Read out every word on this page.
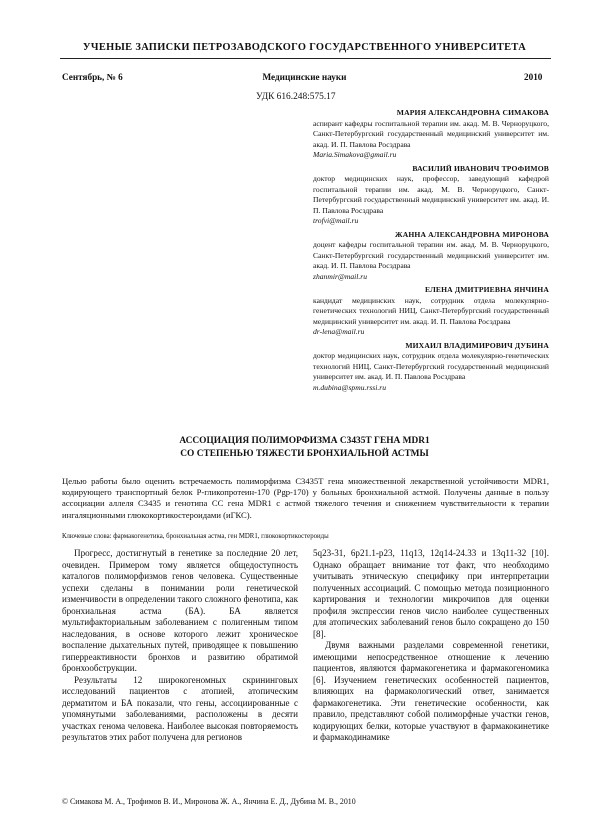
УЧЕНЫЕ ЗАПИСКИ ПЕТРОЗАВОДСКОГО ГОСУДАРСТВЕННОГО УНИВЕРСИТЕТА
Сентябрь, № 6	Медицинские науки	2010
УДК 616.248:575.17
МАРИЯ АЛЕКСАНДРОВНА СИМАКОВА
аспирант кафедры госпитальной терапии им. акад. М. В. Черноруцкого, Санкт-Петербургский государственный медицинский университет им. акад. И. П. Павлова Росздрава
Maria.Simakova@gmail.ru
ВАСИЛИЙ ИВАНОВИЧ ТРОФИМОВ
доктор медицинских наук, профессор, заведующий кафедрой госпитальной терапии им. акад. М. В. Черноруцкого, Санкт-Петербургский государственный медицинский университет им. акад. И. П. Павлова Росздрава
trofvi@mail.ru
ЖАННА АЛЕКСАНДРОВНА МИРОНОВА
доцент кафедры госпитальной терапии им. акад. М. В. Черноруцкого, Санкт-Петербургский государственный медицинский университет им. акад. И. П. Павлова Росздрава
zhanmir@mail.ru
ЕЛЕНА ДМИТРИЕВНА ЯНЧИНА
кандидат медицинских наук, сотрудник отдела молекулярно-генетических технологий НИЦ, Санкт-Петербургский государственный медицинский университет им. акад. И. П. Павлова Росздрава
dr-lena@mail.ru
МИХАИЛ ВЛАДИМИРОВИЧ ДУБИНА
доктор медицинских наук, сотрудник отдела молекулярно-генетических технологий НИЦ, Санкт-Петербургский государственный медицинский университет им. акад. И. П. Павлова Росздрава
m.dubina@spmu.rssi.ru
АССОЦИАЦИЯ ПОЛИМОРФИЗМА С3435Т ГЕНА MDR1
СО СТЕПЕНЬЮ ТЯЖЕСТИ БРОНХИАЛЬНОЙ АСТМЫ
Целью работы было оценить встречаемость полиморфизма С3435Т гена множественной лекарственной устойчивости MDR1, кодирующего транспортный белок Р-гликопротеин-170 (Pgp-170) у больных бронхиальной астмой. Получены данные в пользу ассоциации аллеля C3435 и генотипа СС гена MDR1 с астмой тяжелого течения и снижением чувствительности к терапии ингаляционными глюкокортикостероидами (иГКС).
Ключевые слова: фармакогенетика, бронхиальная астма, ген MDR1, глюкокортикостероиды

Прогресс, достигнутый в генетике за последние 20 лет, очевиден. Примером тому является общедоступность каталогов полиморфизмов генов человека. Существенные успехи сделаны в понимании роли генетической изменчивости в определении такого сложного фенотипа, как бронхиальная астма (БА). БА является мультифакториальным заболеванием с полигенным типом наследования, в основе которого лежит хроническое воспаление дыхательных путей, приводящее к повышению гиперреактивности бронхов и развитию обратимой бронхообструкции.

Результаты 12 широкогеномных скрининговых исследований пациентов с атопией, атопическим дерматитом и БА показали, что гены, ассоциированные с упомянутыми заболеваниями, расположены в десяти участках генома человека. Наиболее высокая повторяемость результатов этих работ получена для регионов

5q23-31, 6p21.1-p23, 11q13, 12q14-24.33 и 13q11-32 [10]. Однако обращает внимание тот факт, что необходимо учитывать этническую специфику при интерпретации полученных ассоциаций. С помощью метода позиционного картирования и технологии микрочипов для оценки профиля экспрессии генов число наиболее существенных для атопических заболеваний генов было сокращено до 150 [8].

Двумя важными разделами современной генетики, имеющими непосредственное отношение к лечению пациентов, являются фармакогенетика и фармакогеномика [6]. Изучением генетических особенностей пациентов, влияющих на фармакологический ответ, занимается фармакогенетика. Эти генетические особенности, как правило, представляют собой полиморфные участки генов, кодирующих белки, которые участвуют в фармакокинетике и фармакодинамике

© Симакова М. А., Трофимов В. И., Миронова Ж. А., Янчина Е. Д., Дубина М. В., 2010
